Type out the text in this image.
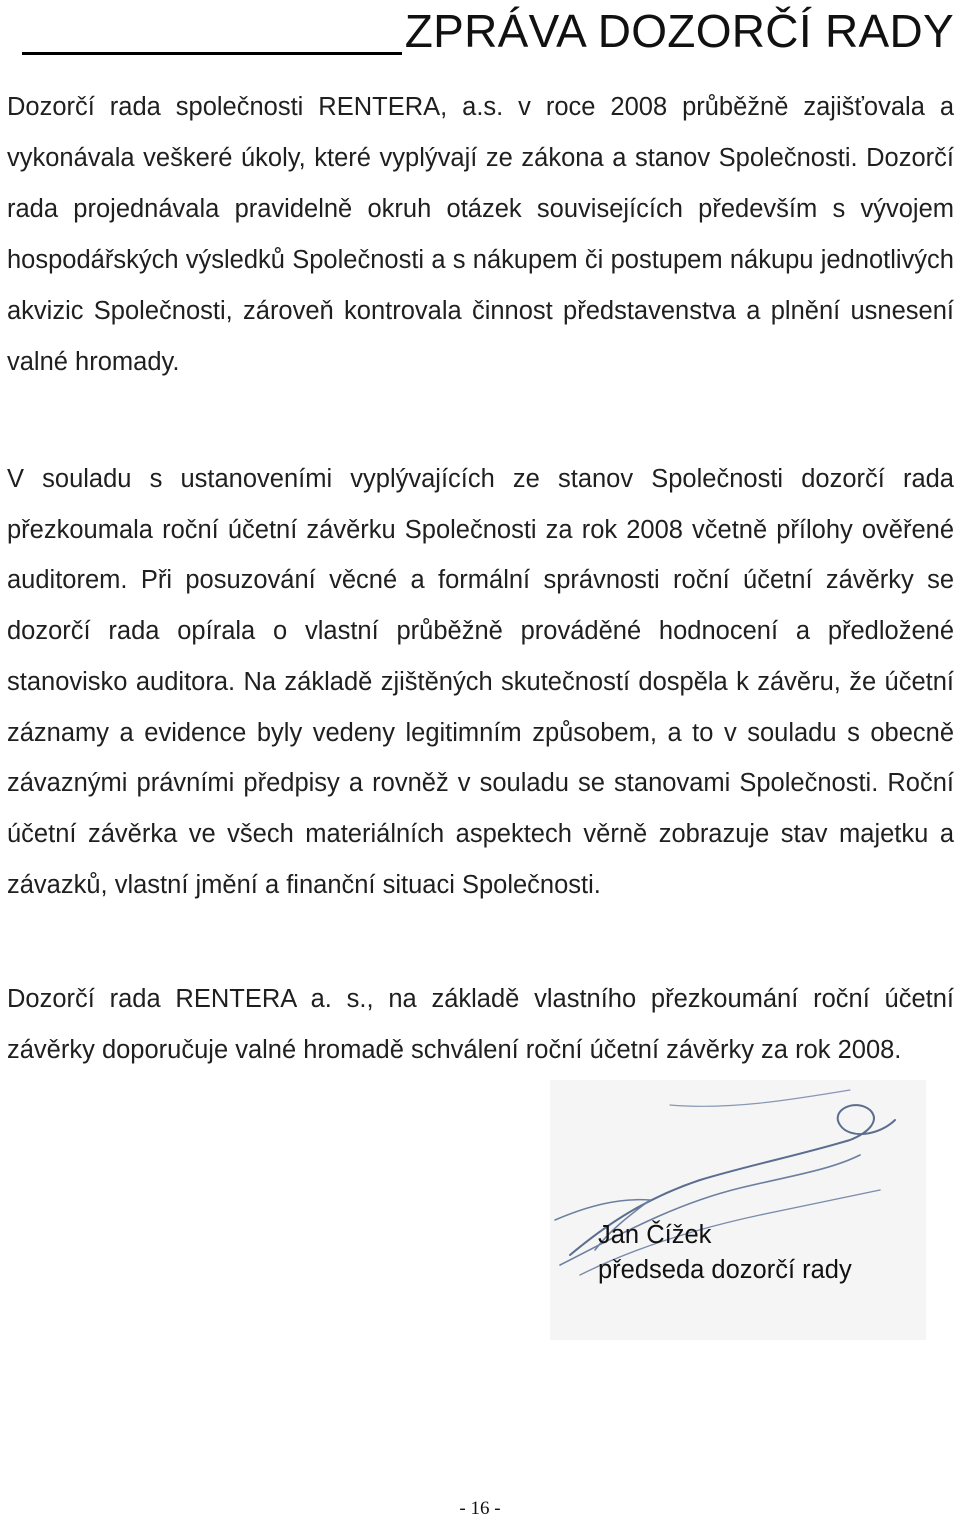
ZPRÁVA DOZORČÍ RADY

Dozorčí rada společnosti RENTERA, a.s. v roce 2008 průběžně zajišťovala a vykonávala veškeré úkoly, které vyplývají ze zákona a stanov Společnosti. Dozorčí rada projednávala pravidelně okruh otázek souvisejících především s vývojem hospodářských výsledků Společnosti a s nákupem či postupem nákupu jednotlivých akvizic Společnosti, zároveň kontrovala činnost představenstva a plnění usnesení valné hromady.

V souladu s ustanoveními vyplývajících ze stanov Společnosti dozorčí rada přezkoumala roční účetní závěrku Společnosti za rok 2008 včetně přílohy ověřené auditorem. Při posuzování věcné a formální správnosti roční účetní závěrky se dozorčí rada opírala o vlastní průběžně prováděné hodnocení a předložené stanovisko auditora. Na základě zjištěných skutečností dospěla k závěru, že účetní záznamy a evidence byly vedeny legitimním způsobem, a to v souladu s obecně závaznými právními předpisy a rovněž v souladu se stanovami Společnosti. Roční účetní závěrka ve všech materiálních aspektech věrně zobrazuje stav majetku a závazků, vlastní jmění a finanční situaci Společnosti.

Dozorčí rada RENTERA a. s., na základě vlastního přezkoumání roční účetní závěrky doporučuje valné hromadě schválení roční účetní závěrky za rok 2008.

Jan Čížek
předseda dozorčí rady
- 16 -
